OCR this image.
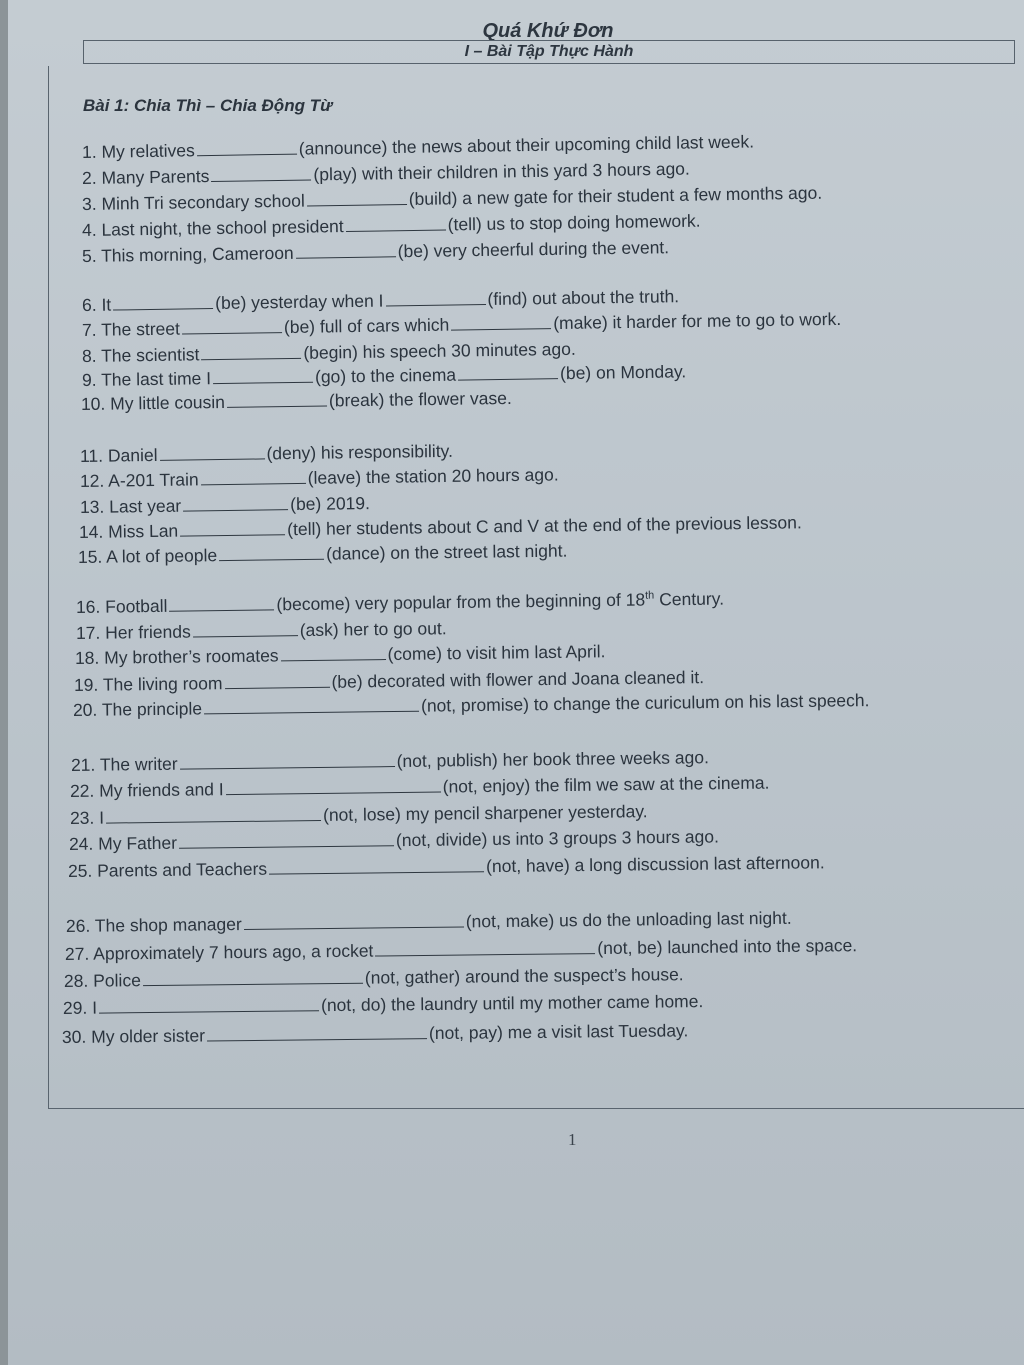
Quá Khứ Đơn
I – Bài Tập Thực Hành
Bài 1: Chia Thì – Chia Động Từ
1. My relatives	(announce) the news about their upcoming child last week.
2. Many Parents	(play) with their children in this yard 3 hours ago.
3. Minh Tri secondary school	(build) a new gate for their student a few months ago.
4. Last night, the school president	(tell) us to stop doing homework.
5. This morning, Cameroon	(be) very cheerful during the event.
6. It	(be) yesterday when I	(find) out about the truth.
7. The street	(be) full of cars which	(make) it harder for me to go to work.
8. The scientist	(begin) his speech 30 minutes ago.
9. The last time I	(go) to the cinema	(be) on Monday.
10. My little cousin	(break) the flower vase.
11. Daniel	(deny) his responsibility.
12. A-201 Train	(leave) the station 20 hours ago.
13. Last year	(be) 2019.
14. Miss Lan	(tell) her students about C and V at the end of the previous lesson.
15. A lot of people	(dance) on the street last night.
16. Football	(become) very popular from the beginning of 18th Century.
17. Her friends	(ask) her to go out.
18. My brother’s roomates	(come) to visit him last April.
19. The living room	(be) decorated with flower and Joana cleaned it.
20. The principle	(not, promise) to change the curiculum on his last speech.
21. The writer	(not, publish) her book three weeks ago.
22. My friends and I	(not, enjoy) the film we saw at the cinema.
23. I	(not, lose) my pencil sharpener yesterday.
24. My Father	(not, divide) us into 3 groups 3 hours ago.
25. Parents and Teachers	(not, have) a long discussion last afternoon.
26. The shop manager	(not, make) us do the unloading last night.
27. Approximately 7 hours ago, a rocket	(not, be) launched into the space.
28. Police	(not, gather) around the suspect’s house.
29. I	(not, do) the laundry until my mother came home.
30. My older sister	(not, pay) me a visit last Tuesday.
1
